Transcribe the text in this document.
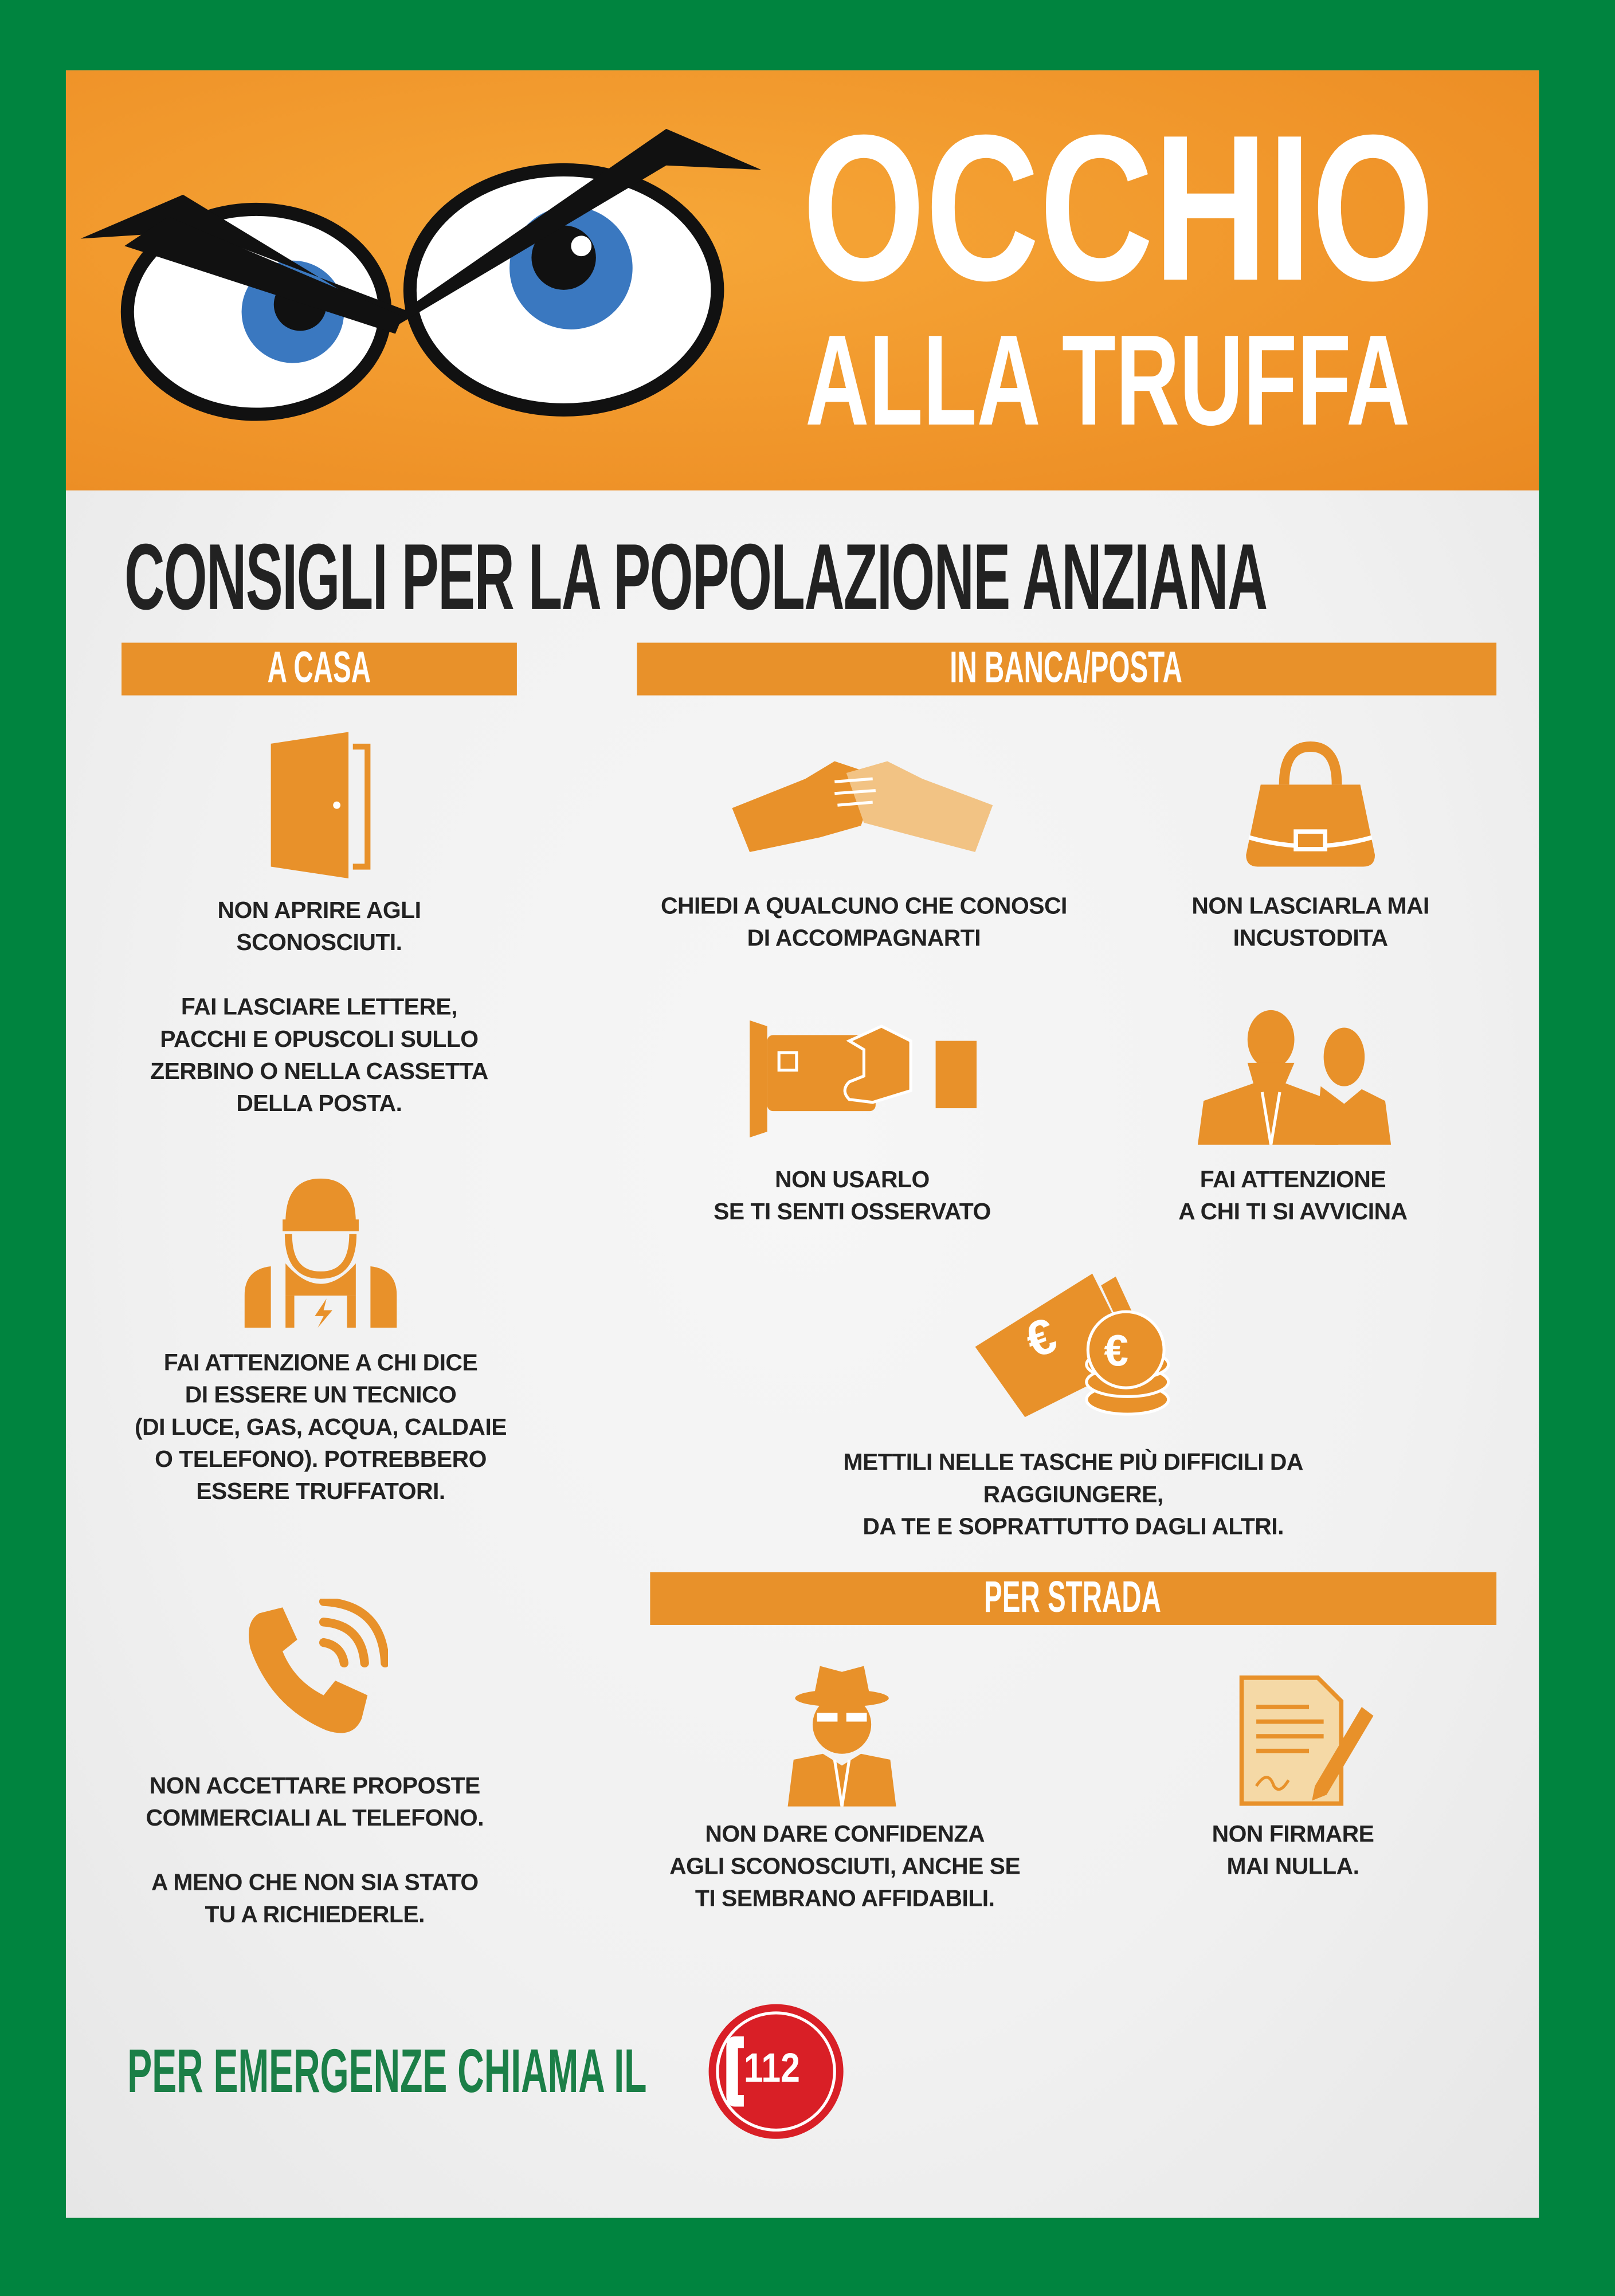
OCCHIO
ALLA TRUFFA
CONSIGLI PER LA POPOLAZIONE ANZIANA
A CASA	IN BANCA/POSTA
PER STRADA
NON APRIRE AGLI
SCONOSCIUTI.
FAI LASCIARE LETTERE,
PACCHI E OPUSCOLI SULLO
ZERBINO O NELLA CASSETTA
DELLA POSTA.
FAI ATTENZIONE A CHI DICE
DI ESSERE UN TECNICO
(DI LUCE, GAS, ACQUA, CALDAIE
O TELEFONO). POTREBBERO
ESSERE TRUFFATORI.
NON ACCETTARE PROPOSTE
COMMERCIALI AL TELEFONO.
A MENO CHE NON SIA STATO
TU A RICHIEDERLE.
CHIEDI A QUALCUNO CHE CONOSCI
DI ACCOMPAGNARTI
NON LASCIARLA MAI
INCUSTODITA
NON USARLO
SE TI SENTI OSSERVATO
FAI ATTENZIONE
A CHI TI SI AVVICINA
€ €
METTILI NELLE TASCHE PIÙ DIFFICILI DA RAGGIUNGERE,
DA TE E SOPRATTUTTO DAGLI ALTRI.
NON DARE CONFIDENZA
AGLI SCONOSCIUTI, ANCHE SE
TI SEMBRANO AFFIDABILI.
NON FIRMARE
MAI NULLA.
PER EMERGENZE CHIAMA IL	112
